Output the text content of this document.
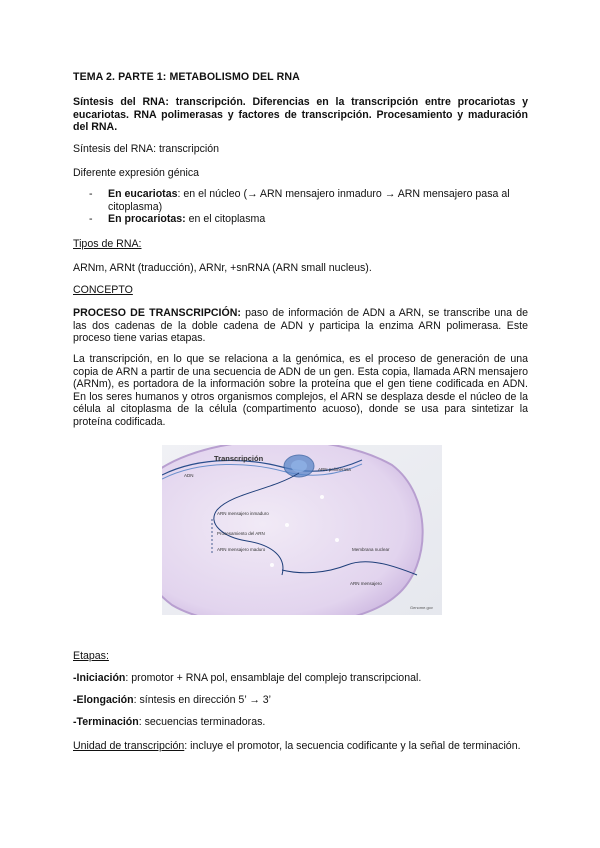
TEMA 2. PARTE 1: METABOLISMO DEL RNA

Síntesis del RNA: transcripción. Diferencias en la transcripción entre procariotas y eucariotas. RNA polimerasas y factores de transcripción. Procesamiento y maduración del RNA.

Síntesis del RNA: transcripción

Diferente expresión génica

- En eucariotas: en el núcleo (→ ARN mensajero inmaduro → ARN mensajero pasa al citoplasma)
- En procariotas: en el citoplasma

Tipos de RNA:

ARNm, ARNt (traducción), ARNr, +snRNA (ARN small nucleus).

CONCEPTO

PROCESO DE TRANSCRIPCIÓN: paso de información de ADN a ARN, se transcribe una de las dos cadenas de la doble cadena de ADN y participa la enzima ARN polimerasa. Este proceso tiene varias etapas.

La transcripción, en lo que se relaciona a la genómica, es el proceso de generación de una copia de ARN a partir de una secuencia de ADN de un gen. Esta copia, llamada ARN mensajero (ARNm), es portadora de la información sobre la proteína que el gen tiene codificada en ADN. En los seres humanos y otros organismos complejos, el ARN se desplaza desde el núcleo de la célula al citoplasma de la célula (compartimento acuoso), donde se usa para sintetizar la proteína codificada.

Etapas:

-Iniciación: promotor + RNA pol, ensamblaje del complejo transcripcional.

-Elongación: síntesis en dirección 5’ → 3’

-Terminación: secuencias terminadoras.

Unidad de transcripción: incluye el promotor, la secuencia codificante y la señal de terminación.

Transcripción
ADN
ARN polimerasa
ARN mensajero inmaduro
Procesamiento del ARN
ARN mensajero maduro	Membrana nuclear
ARN mensajero
Genome.gov
